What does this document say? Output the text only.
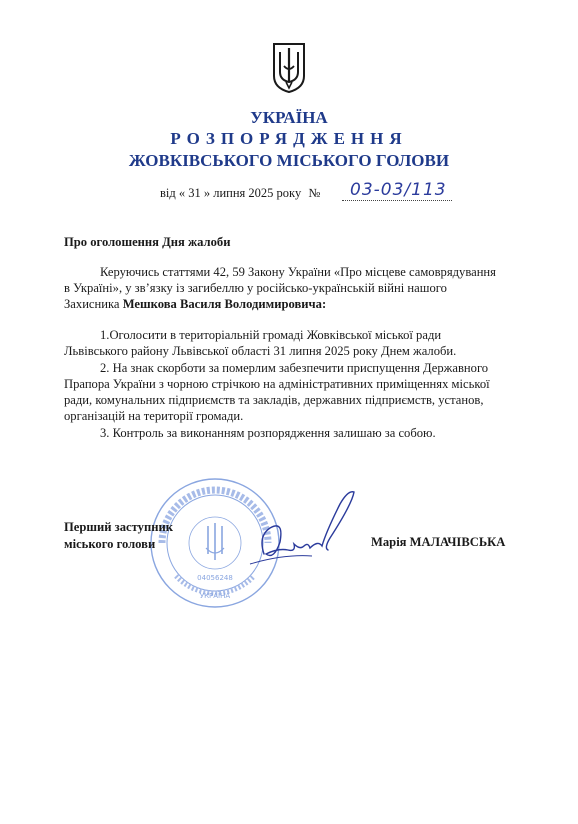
УКРАЇНА
РОЗПОРЯДЖЕННЯ
ЖОВКІВСЬКОГО МІСЬКОГО ГОЛОВИ
від « 31 » липня 2025 року № 03-03/113
Про оголошення Дня жалоби
Керуючись статтями 42, 59 Закону України «Про місцеве самоврядування
в Україні», у зв’язку із загибеллю у російсько-українській війні нашого
Захисника Мешкова Василя Володимировича:
1.Оголосити в територіальній громаді Жовківської міської ради
Львівського району Львівської області 31 липня 2025 року Днем жалоби.
2. На знак скорботи за померлим забезпечити приспущення Державного
Прапора України з чорною стрічкою на адміністративних приміщеннях міської
ради, комунальних підприємств та закладів, державних підприємств, установ,
організацій на території громади.
3. Контроль за виконанням розпорядження залишаю за собою.
УКРАЇНА
04056248
Перший заступник
міського голови	Марія МАЛАЧІВСЬКА
